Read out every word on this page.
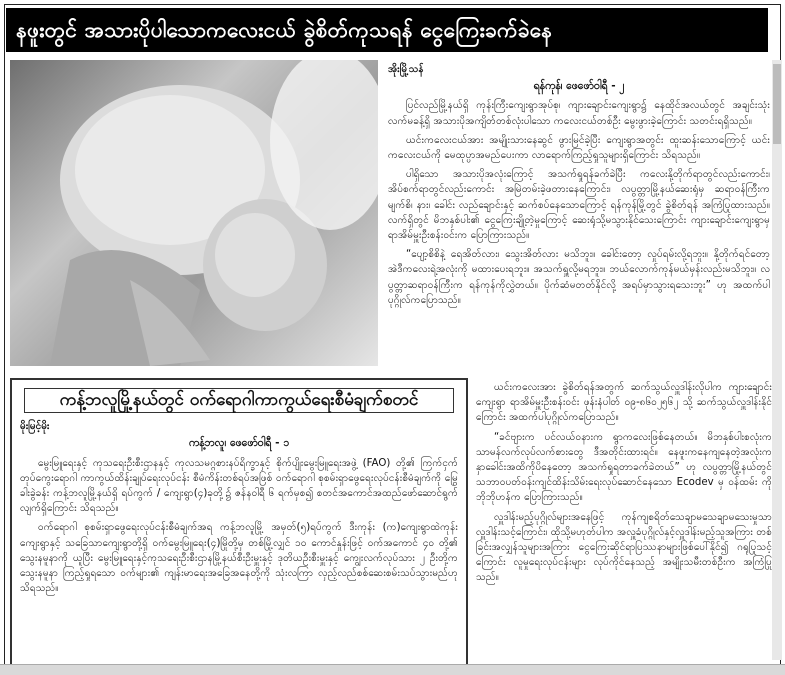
နဖူးတွင် အသားပိုပါသောကလေးငယ် ခွဲစိတ်ကုသရန် ငွေကြေးခက်ခဲနေ
အိုးမြို့သန်
ရန်ကုန်၊ ဖေဖော်ဝါရီ - ၂

ပြင်လည်မြို့နယ်ရှိ ကုန်းကြီးကျေးရွာအုပ်စု၊ ကျားချောင်းကျေးရွာ၌ နေထိုင်အလယ်တွင် အချင်းသုံးလက်မခန့်ရှိ အသားပိုအကျိတ်တစ်လုံးပါသော ကလေးငယ်တစ်ဦး မွေးဖွားခဲ့ကြောင်း သတင်းရရှိသည်။

ယင်းကလေးငယ်အား အမျိုးသားနေဆွင် ဖွားမြင်ခဲ့ပြီး ကျေးရွာအတွင်း ထူးဆန်းသောကြောင့် ယင်းကလေးငယ်ကို မေထုပ္ပာအမည်ပေးကာ လာရောက်ကြည့်ရှုသူများရှိကြောင်း သိရသည်။

ပါရှိသော အသားပိုအလုံးကြောင့် အသက်ရှုရန်ခက်ခဲပြီး ကလေးနို့တိုက်ရာတွင်လည်းကောင်း၊ အိပ်စက်ရာတွင်လည်းကောင်း အမြဲတမ်းခဲ့ဖတားနေကြောင်း၊ လပွတ္တာမြို့နယ်ဆေးရုံမှ ဆရာဝန်ကြီးက မျက်စိ၊ နား၊ ခေါင်း လည်ချောင်းနှင့် ဆက်စပ်နေသောကြောင့် ရန်ကုန်မြို့တွင် ခွဲစိတ်ရန် အကြံပြုထားသည်။ လက်ရှိတွင် မိဘနှစ်ပါး၏ ငွေကြေးချို့တဲ့မှုကြောင့် ဆေးရုံသို့မသွားနိုင်သေးကြောင်း ကျားချောင်းကျေးရွာမှ ရာအိမ်မှူးဦးစန်းဝင်းက ပြောကြားသည်။

“ပျော့စိစိနဲ့ ရေအိတ်လား၊ သွေးအိတ်လား မသိဘူး။ ခေါင်းတော့ လှုပ်ရမ်းလို့ရဘူး။ နို့တိုက်ရင်တော့ အဲဒီကလေးရဲ့အလုံးကို မထားပေးရဘူး။ အသက်ရှူလို့မရဘူး။ ဘယ်လောက်ကုန်မယ်မှန်းလည်းမသိဘူး။ လပွတ္တာဆရာဝန်ကြီးက ရန်ကုန်ကိုလွှဲတယ်။ ပိုက်ဆံမတတ်နိုင်လို့ အရပ်မှာသွားရသေးဘူး” ဟု အထက်ပါပုဂ္ဂိုလ်ကပြောသည်။

ကန့်ဘလူမြို့နယ်တွင် ဝက်ရောဂါကာကွယ်ရေးစီမံချက်စတင်
မိုးမြင့်မိုး
ကန့်ဘလူ၊ ဖေဖော်ဝါရီ - ၁

မွေးမြူရေးနှင့် ကုသရေးဦးစီးဌာနနှင့် ကုလသမဂ္ဂစားနပ်ရိက္ခာနှင့် စိုက်ပျိုးမွေးမြူရေးအဖွဲ့ (FAO) တို့၏ ကြက်ငှက်တုပ်ကွေးရောဂါ ကာကွယ်ထိန်းချုပ်ရေးလုပ်ငန်း စီမံကိန်းတစ်ရပ်အဖြစ် ဝက်ရောဂါ စုစမ်းရှာဖွေရေးလုပ်ငန်းစီမံချက်ကို မြွေခါးခွဲခန်း ကန့်ဘလူမြို့နယ်ရှိ ရပ်ကွက် / ကျေးရွာ(၄)ခုတို့၌ ဇန်နဝါရီ ၆ ရက်မှစ၍ စတင်အကောင်အထည်ဖော်ဆောင်ရွက်လျက်ရှိကြောင်း သိရသည်။

ဝက်ရောဂါ စုစမ်းရှာဖွေရေးလုပ်ငန်းစီမံချက်အရ ကန့်ဘလူမြို့ အမှတ်(၅)ရပ်ကွက် ဒီးကုန်း (က)ကျေးရွာထဲကုန်းကျေးရွာနှင့် သခြေသာကျေးရွာတို့ရှိ ဝက်မွေးမြူရေး(၄)မြိုတို့မှ တစ်မြို့လျှင် ၁၀ ကောင်နှုန်းဖြင့် ဝက်အကောင် ၄၀ တို့၏ သွေးနမူနာကို ယူပြီး မွေးမြူရေးနှင့်ကုသရေးဦးစီးဌာနမြို့နယ်စီးဦးမှူးနှင့် ဒုတိယဦးစီးမှူးနှင့် ကျွေးလက်လုပ်သား ၂ ဦးတို့က သွေးနမူနာ ကြည့်ရှုရသော ဝက်များ၏ ကျန်းမာရေးအခြေအနေတို့ကို သုံးလကြာ လှည့်လည်စစ်ဆေးစမ်းသပ်သွားမည်ဟု သိရသည်။

ယင်းကလေးအား ခွဲစိတ်ရန်အတွက် ဆက်သွယ်လှူဒါန်းလိုပါက ကျားချောင်းကျေးရွာ ရာအိမ်မှူးဦးစန်းဝင်း ဖုန်းနံပါတ် ၀၉-၈၆၀၂၅၆၂ သို့ ဆက်သွယ်လှူဒါန်းနိုင်ကြောင်း အထက်ပါပုဂ္ဂိုလ်ကပြောသည်။

“ခင်ဗျားက ပင်လယ်ဝနားက ရွာကလေးဖြစ်နေတယ်။ မိဘနှစ်ပါးစလုံးက သာမန်လက်လုပ်လက်စားတွေ ဒီအတိုင်းထားရင်။ နေဖူးကနေကျနေတဲ့အလုံးက နှာခေါင်းအထိကိုပိနေတော့ အသက်ရှုရတာခက်ခဲတယ်” ဟု လပွတ္တာမြို့နယ်တွင် သဘာဝပတ်ဝန်းကျင်ထိန်းသိမ်းရေးလုပ်ဆောင်နေသော Ecodev မှ ဝန်ထမ်း ကိုဘိုဘိုဟန်က ပြောကြားသည်။

လှူဒါန်းမည့်ပုဂ္ဂိုလ်များအနေဖြင့် ကုန်ကျစရိတ်သေချာမသေချာမသေးမှုသာ လှူဒါန်းသင့်ကြောင်း၊ ထိုသို့မဟုတ်ပါက အလှူခံပုဂ္ဂိုလ်နှင့်လှူဒါန်းမည့်သူအကြား တစ်ခြင်းအလျှန်သူများအကြား ငွေကြေးဆိုင်ရာပြဿနာများဖြစ်ပေါ်နိုင်၍ ဂရုပြုသင့်ကြောင်း လူမှုရေးလုပ်ငန်းများ လုပ်ကိုင်နေသည့် အမျိုးသမီးတစ်ဦးက အကြံပြုသည်။
